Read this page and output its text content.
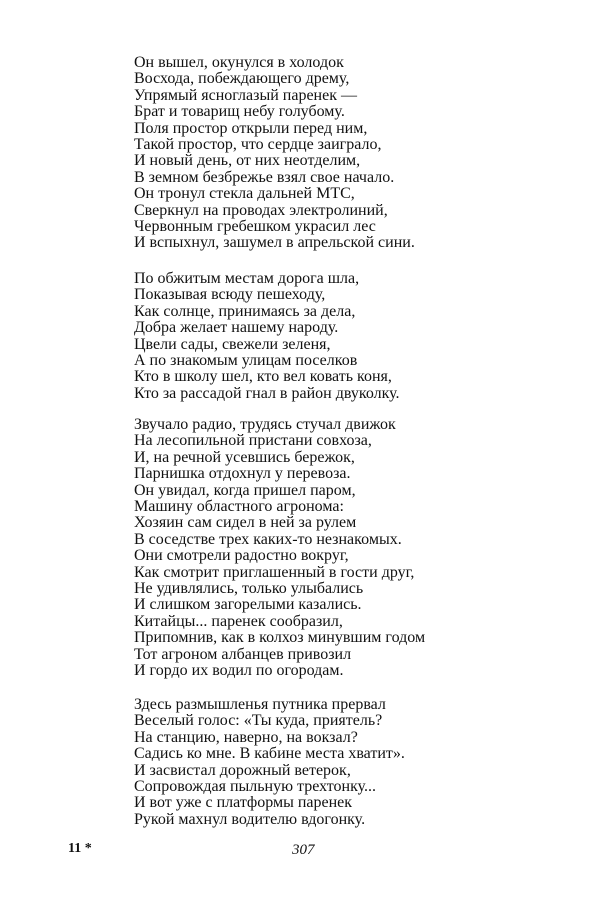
Он вышел, окунулся в холодок
Восхода, побеждающего дрему,
Упрямый ясноглазый паренек —
Брат и товарищ небу голубому.
Поля простор открыли перед ним,
Такой простор, что сердце заиграло,
И новый день, от них неотделим,
В земном безбрежье взял свое начало.
Он тронул стекла дальней МТС,
Сверкнул на проводах электролиний,
Червонным гребешком украсил лес
И вспыхнул, зашумел в апрельской сини.
По обжитым местам дорога шла,
Показывая всюду пешеходу,
Как солнце, принимаясь за дела,
Добра желает нашему народу.
Цвели сады, свежели зеленя,
А по знакомым улицам поселков
Кто в школу шел, кто вел ковать коня,
Кто за рассадой гнал в район двуколку.
Звучало радио, трудясь стучал движок
На лесопильной пристани совхоза,
И, на речной усевшись бережок,
Парнишка отдохнул у перевоза.
Он увидал, когда пришел паром,
Машину областного агронома:
Хозяин сам сидел в ней за рулем
В соседстве трех каких-то незнакомых.
Они смотрели радостно вокруг,
Как смотрит приглашенный в гости друг,
Не удивлялись, только улыбались
И слишком загорелыми казались.
Китайцы... паренек сообразил,
Припомнив, как в колхоз минувшим годом
Тот агроном албанцев привозил
И гордо их водил по огородам.
Здесь размышленья путника прервал
Веселый голос: «Ты куда, приятель?
На станцию, наверно, на вокзал?
Садись ко мне. В кабине места хватит».
И засвистал дорожный ветерок,
Сопровождая пыльную трехтонку...
И вот уже с платформы паренек
Рукой махнул водителю вдогонку.
11 *	307
